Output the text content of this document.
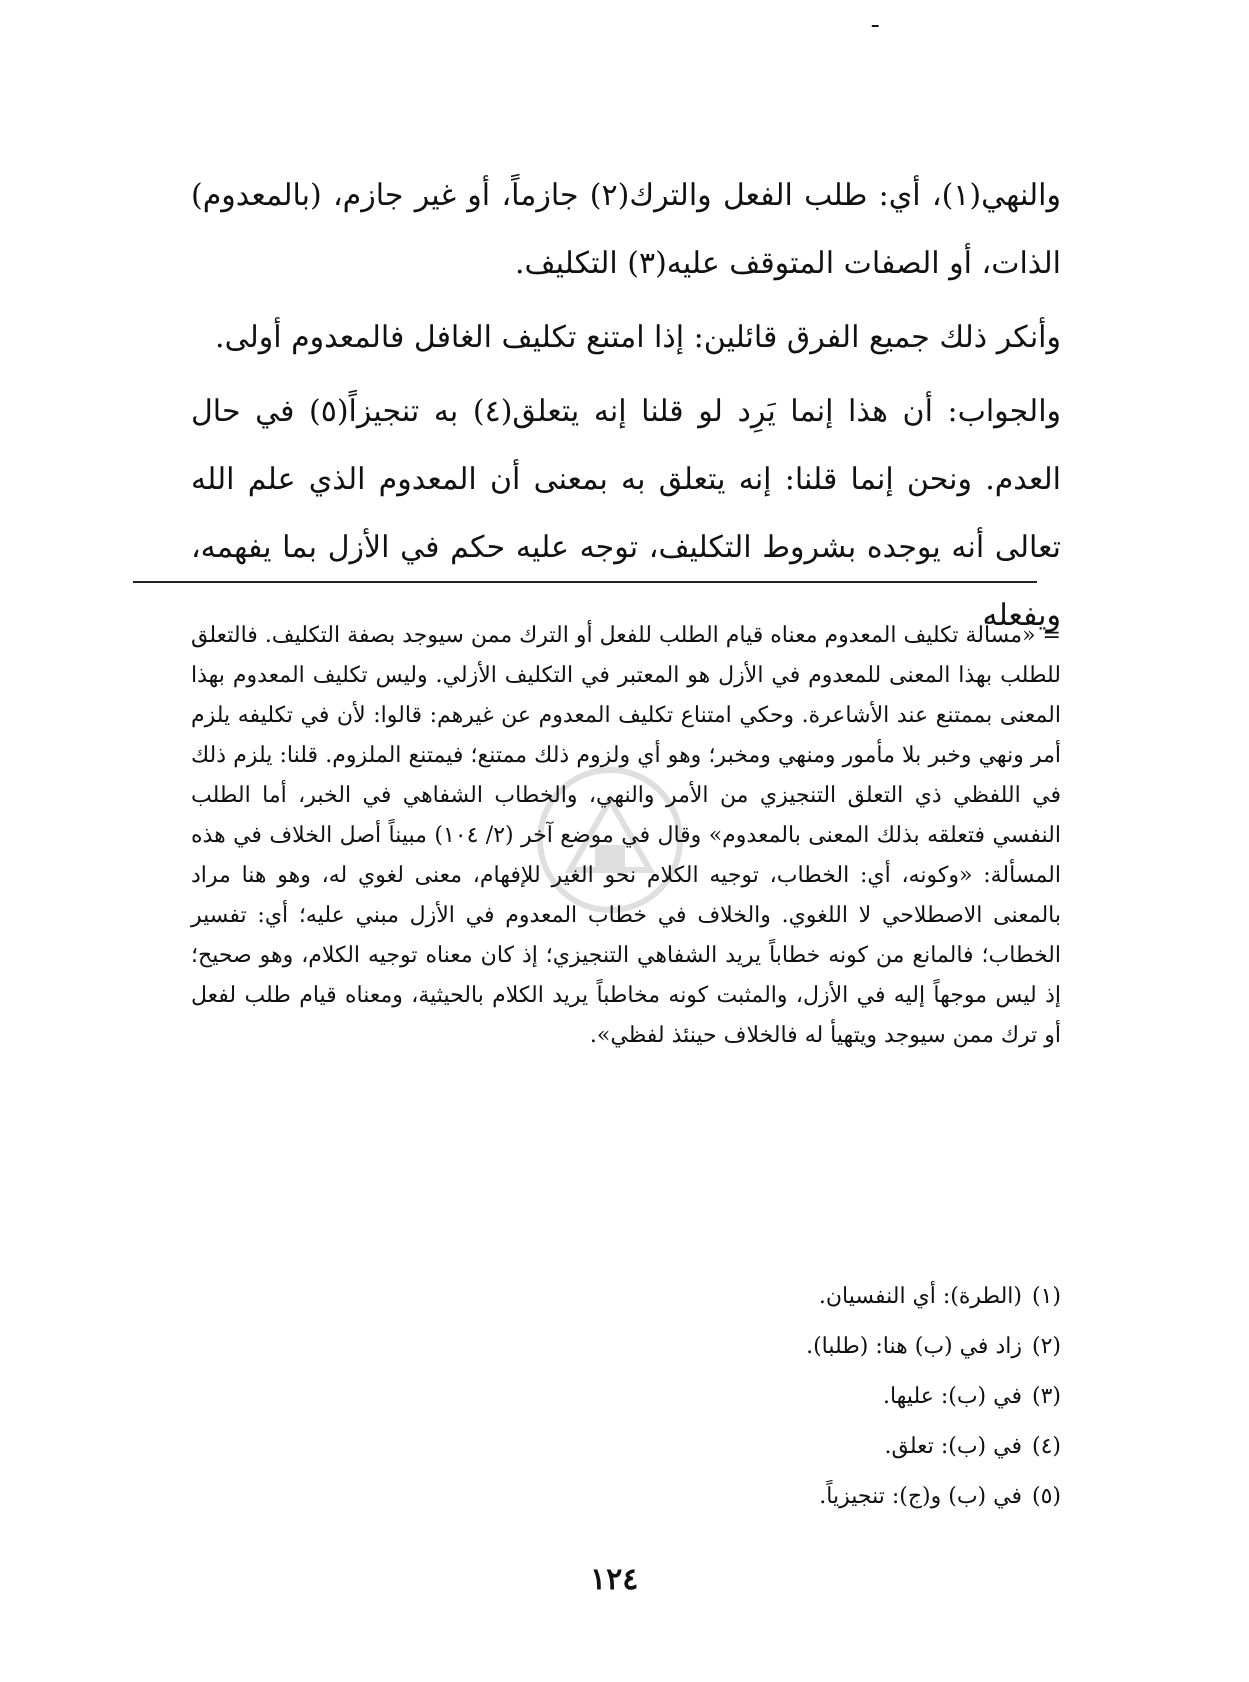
ـ

والنهي(١)، أي: طلب الفعل والترك(٢) جازماً، أو غير جازم، (بالمعدوم) الذات، أو الصفات المتوقف عليه(٣) التكليف.

وأنكر ذلك جميع الفرق قائلين: إذا امتنع تكليف الغافل فالمعدوم أولى.

والجواب: أن هذا إنما يَرِد لو قلنا إنه يتعلق(٤) به تنجيزاً(٥) في حال العدم. ونحن إنما قلنا: إنه يتعلق به بمعنى أن المعدوم الذي علم الله تعالى أنه يوجده بشروط التكليف، توجه عليه حكم في الأزل بما يفهمه، ويفعله

= «مسألة تكليف المعدوم معناه قيام الطلب للفعل أو الترك ممن سيوجد بصفة التكليف. فالتعلق للطلب بهذا المعنى للمعدوم في الأزل هو المعتبر في التكليف الأزلي. وليس تكليف المعدوم بهذا المعنى بممتنع عند الأشاعرة. وحكي امتناع تكليف المعدوم عن غيرهم: قالوا: لأن في تكليفه يلزم أمر ونهي وخبر بلا مأمور ومنهي ومخبر؛ وهو أي ولزوم ذلك ممتنع؛ فيمتنع الملزوم. قلنا: يلزم ذلك في اللفظي ذي التعلق التنجيزي من الأمر والنهي، والخطاب الشفاهي في الخبر، أما الطلب النفسي فتعلقه بذلك المعنى بالمعدوم» وقال في موضع آخر (٢/ ١٠٤) مبيناً أصل الخلاف في هذه المسألة: «وكونه، أي: الخطاب، توجيه الكلام نحو الغير للإفهام، معنى لغوي له، وهو هنا مراد بالمعنى الاصطلاحي لا اللغوي. والخلاف في خطاب المعدوم في الأزل مبني عليه؛ أي: تفسير الخطاب؛ فالمانع من كونه خطاباً يريد الشفاهي التنجيزي؛ إذ كان معناه توجيه الكلام، وهو صحيح؛ إذ ليس موجهاً إليه في الأزل، والمثبت كونه مخاطباً يريد الكلام بالحيثية، ومعناه قيام طلب لفعل أو ترك ممن سيوجد ويتهيأ له فالخلاف حينئذ لفظي».

(١)
(الطرة): أي النفسيان.
(٢)
زاد في (ب) هنا: (طلبا).
(٣)
في (ب): عليها.
(٤)
في (ب): تعلق.
(٥)
في (ب) و(ج): تنجيزياً.
١٢٤
